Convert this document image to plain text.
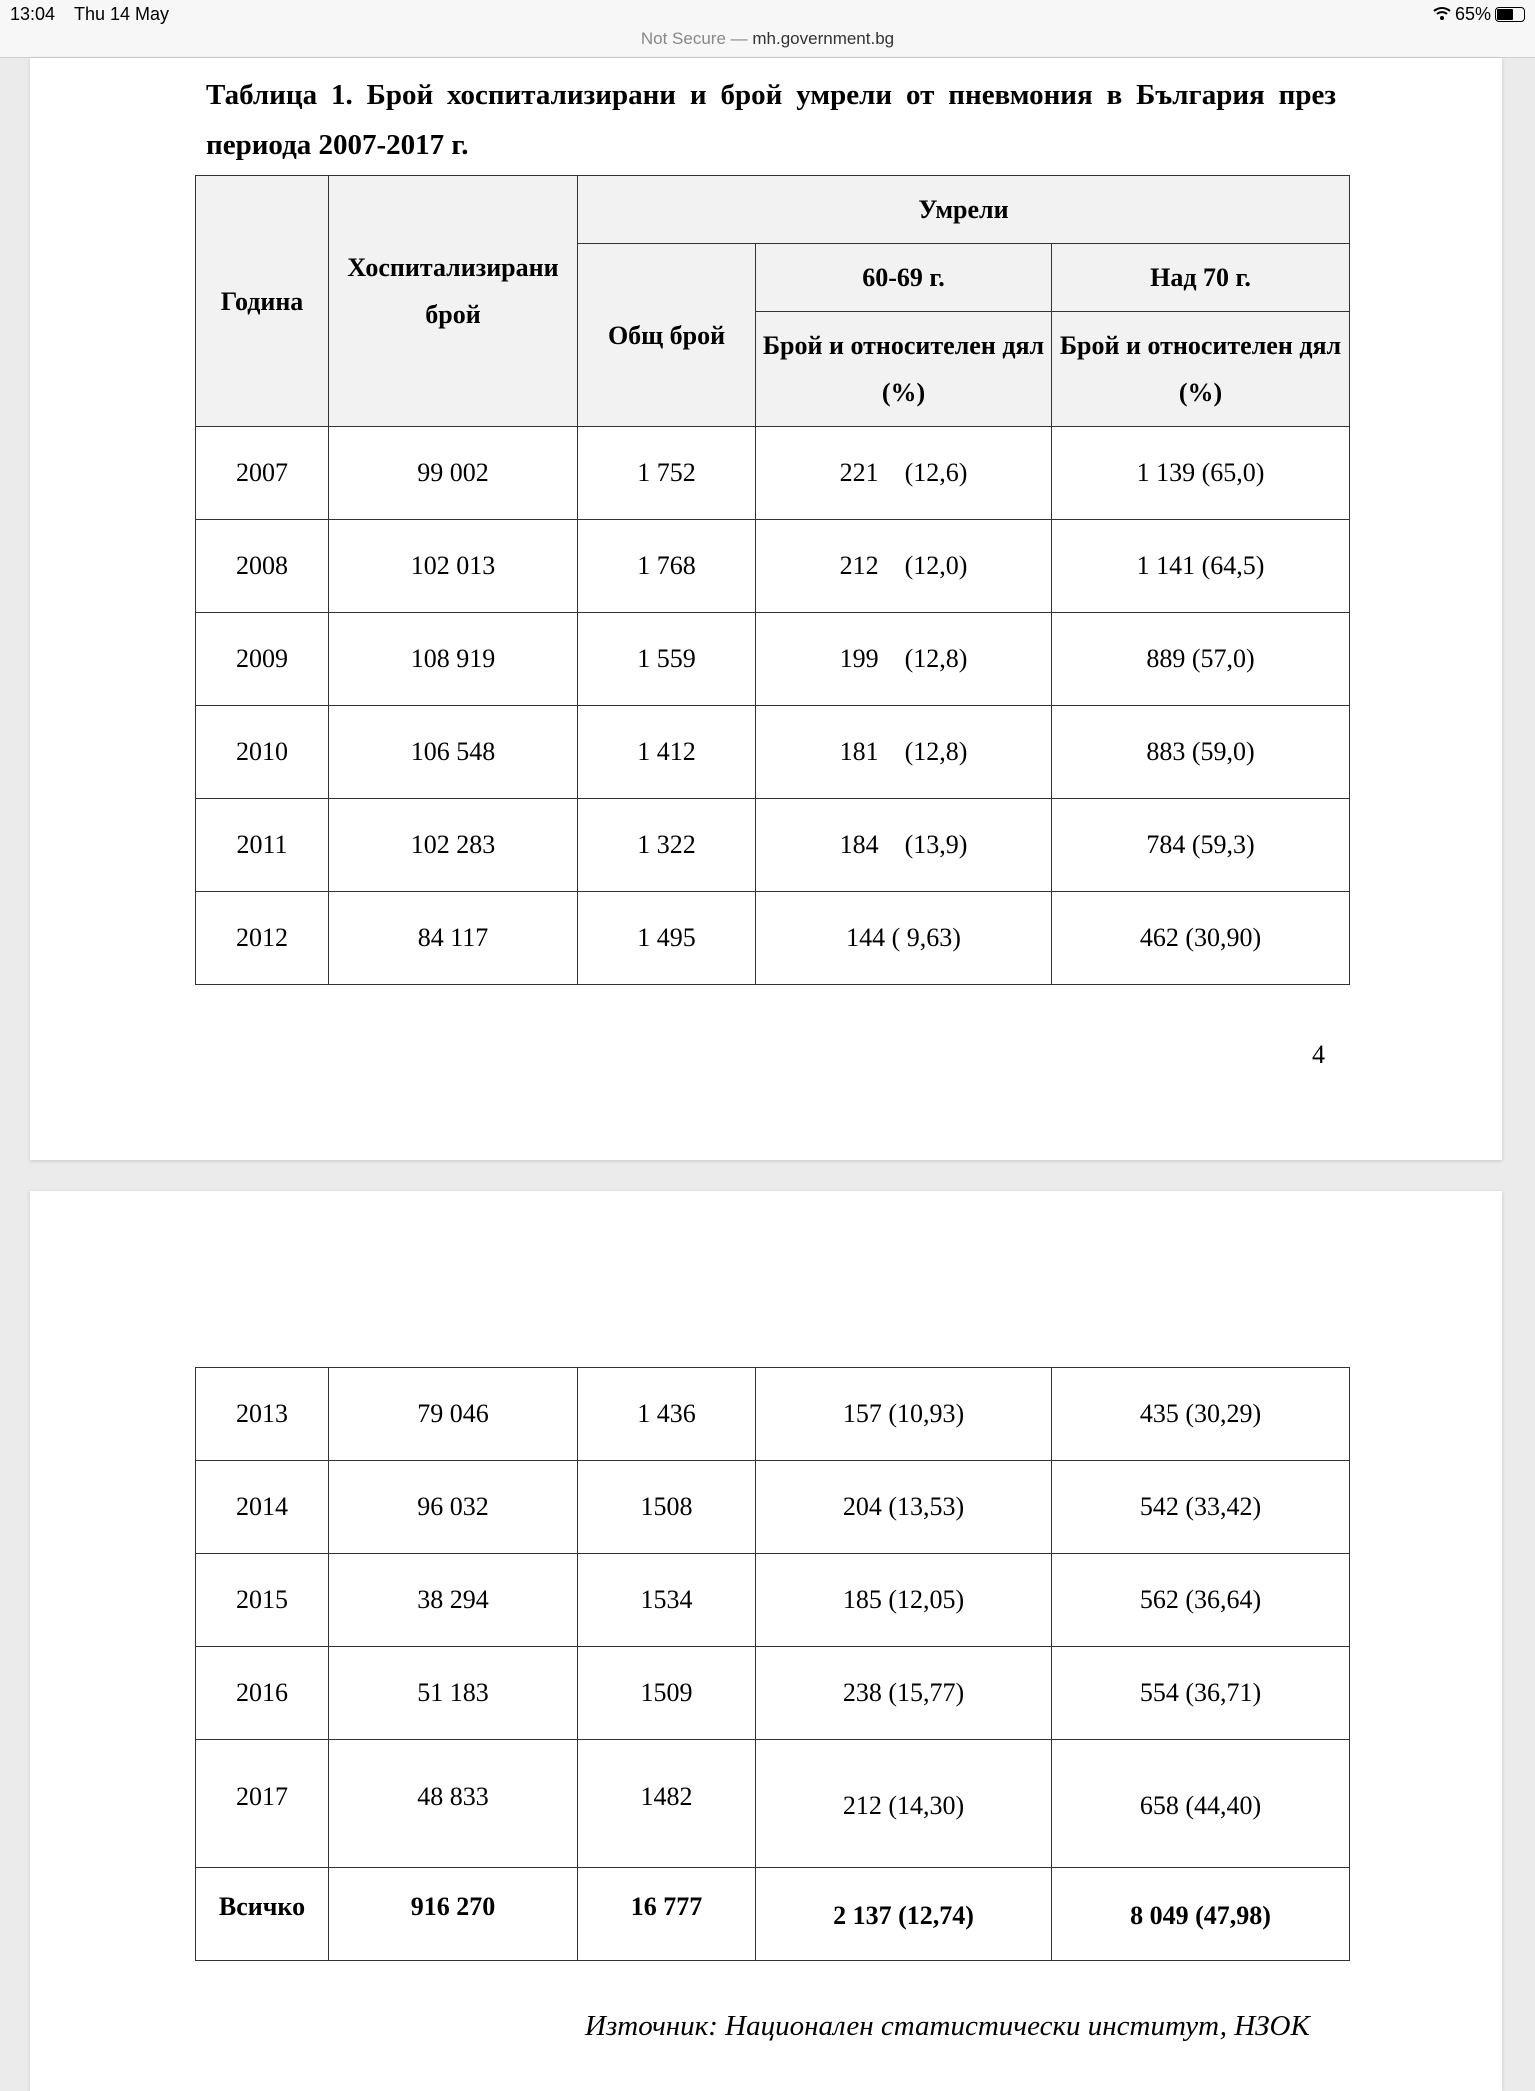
13:04 Thu 14 May
Not Secure — mh.government.bg
65%
Таблица 1. Брой хоспитализирани и брой умрели от пневмония в България през периода 2007-2017 г.
Година	Хоспитализирани брой	Умрели		
		Общ брой	60-69 г.	Над 70 г.
			Брой и относителен дял (%)	Брой и относителен дял (%)
2007	99 002	1 752	221    (12,6)	1 139 (65,0)
2008	102 013	1 768	212    (12,0)	1 141 (64,5)
2009	108 919	1 559	199    (12,8)	889 (57,0)
2010	106 548	1 412	181    (12,8)	883 (59,0)
2011	102 283	1 322	184    (13,9)	784 (59,3)
2012	84 117	1 495	144 ( 9,63)	462 (30,90)
4
2013	79 046	1 436	157 (10,93)	435 (30,29)
2014	96 032	1508	204 (13,53)	542 (33,42)
2015	38 294	1534	185 (12,05)	562 (36,64)
2016	51 183	1509	238 (15,77)	554 (36,71)
2017	48 833	1482	212 (14,30)	658 (44,40)
Всичко	916 270	16 777	2 137 (12,74)	8 049 (47,98)
Източник: Национален статистически институт, НЗОК
